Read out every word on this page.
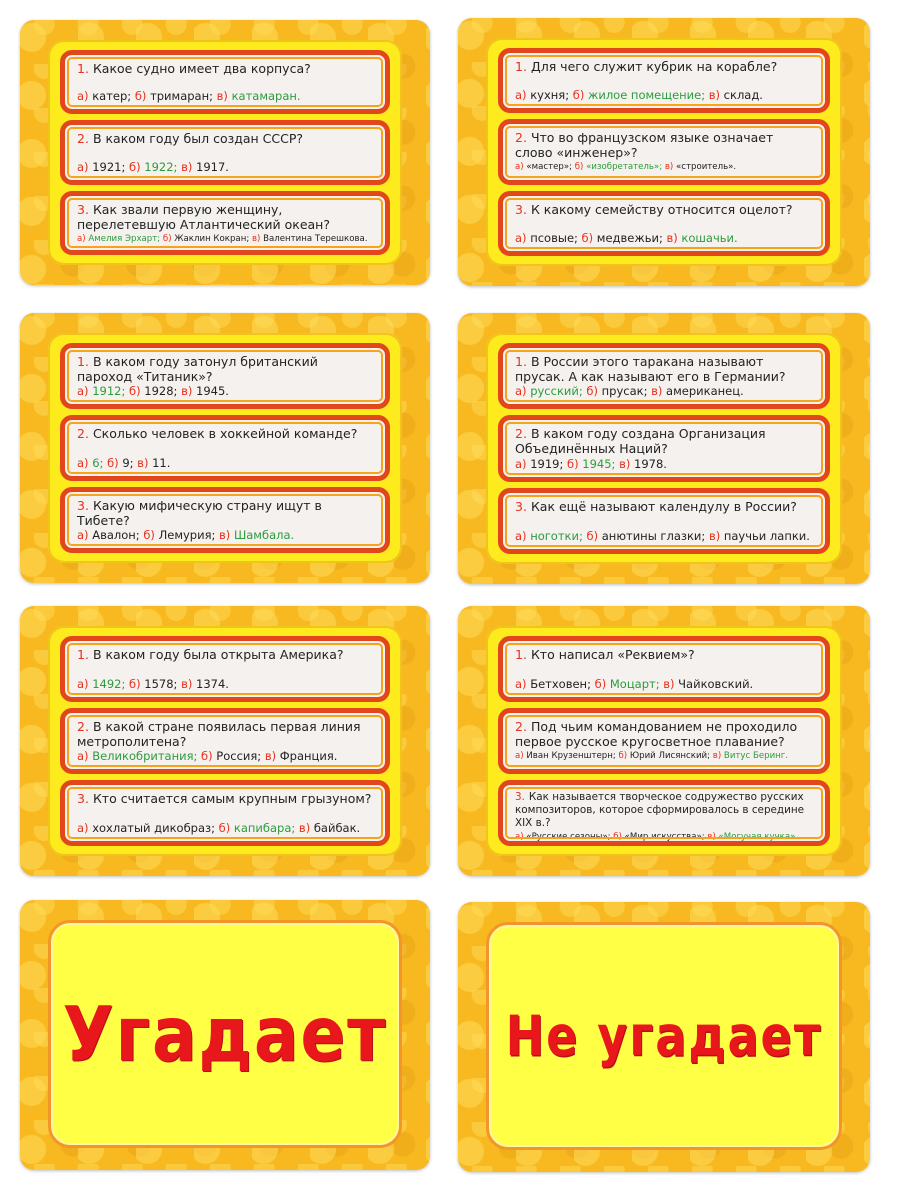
1. Какое судно имеет два корпуса?
а) катер; б) тримаран; в) катамаран.
2. В каком году был создан СССР?
а) 1921; б) 1922; в) 1917.
3. Как звали первую женщину, перелетевшую Атлантический океан?
а) Амелия Эрхарт; б) Жаклин Кокран; в) Валентина Терешкова.
1. Для чего служит кубрик на корабле?
а) кухня; б) жилое помещение; в) склад.
2. Что во французском языке означает слово «инженер»?
а) «мастер»; б) «изобретатель»; в) «строитель».
3. К какому семейству относится оцелот?
а) псовые; б) медвежьи; в) кошачьи.
1. В каком году затонул британский пароход «Титаник»?
а) 1912; б) 1928; в) 1945.
2. Сколько человек в хоккейной команде?
а) 6; б) 9; в) 11.
3. Какую мифическую страну ищут в Тибете?
а) Авалон; б) Лемурия; в) Шамбала.
1. В России этого таракана называют прусак. А как называют его в Германии?
а) русский; б) прусак; в) американец.
2. В каком году создана Организация Объединённых Наций?
а) 1919; б) 1945; в) 1978.
3. Как ещё называют календулу в России?
а) ноготки; б) анютины глазки; в) паучьи лапки.
1. В каком году была открыта Америка?
а) 1492; б) 1578; в) 1374.
2. В какой стране появилась первая линия метрополитена?
а) Великобритания; б) Россия; в) Франция.
3. Кто считается самым крупным грызуном?
а) хохлатый дикобраз; б) капибара; в) байбак.
1. Кто написал «Реквием»?
а) Бетховен; б) Моцарт; в) Чайковский.
2. Под чьим командованием не проходило первое русское кругосветное плавание?
а) Иван Крузенштерн; б) Юрий Лисянский; в) Витус Беринг.
3. Как называется творческое содружество русских композиторов, которое сформировалось в середине XIX в.?
а) «Русские сезоны»; б) «Мир искусства»; в) «Могучая кучка».
Угадает	Не угадает
